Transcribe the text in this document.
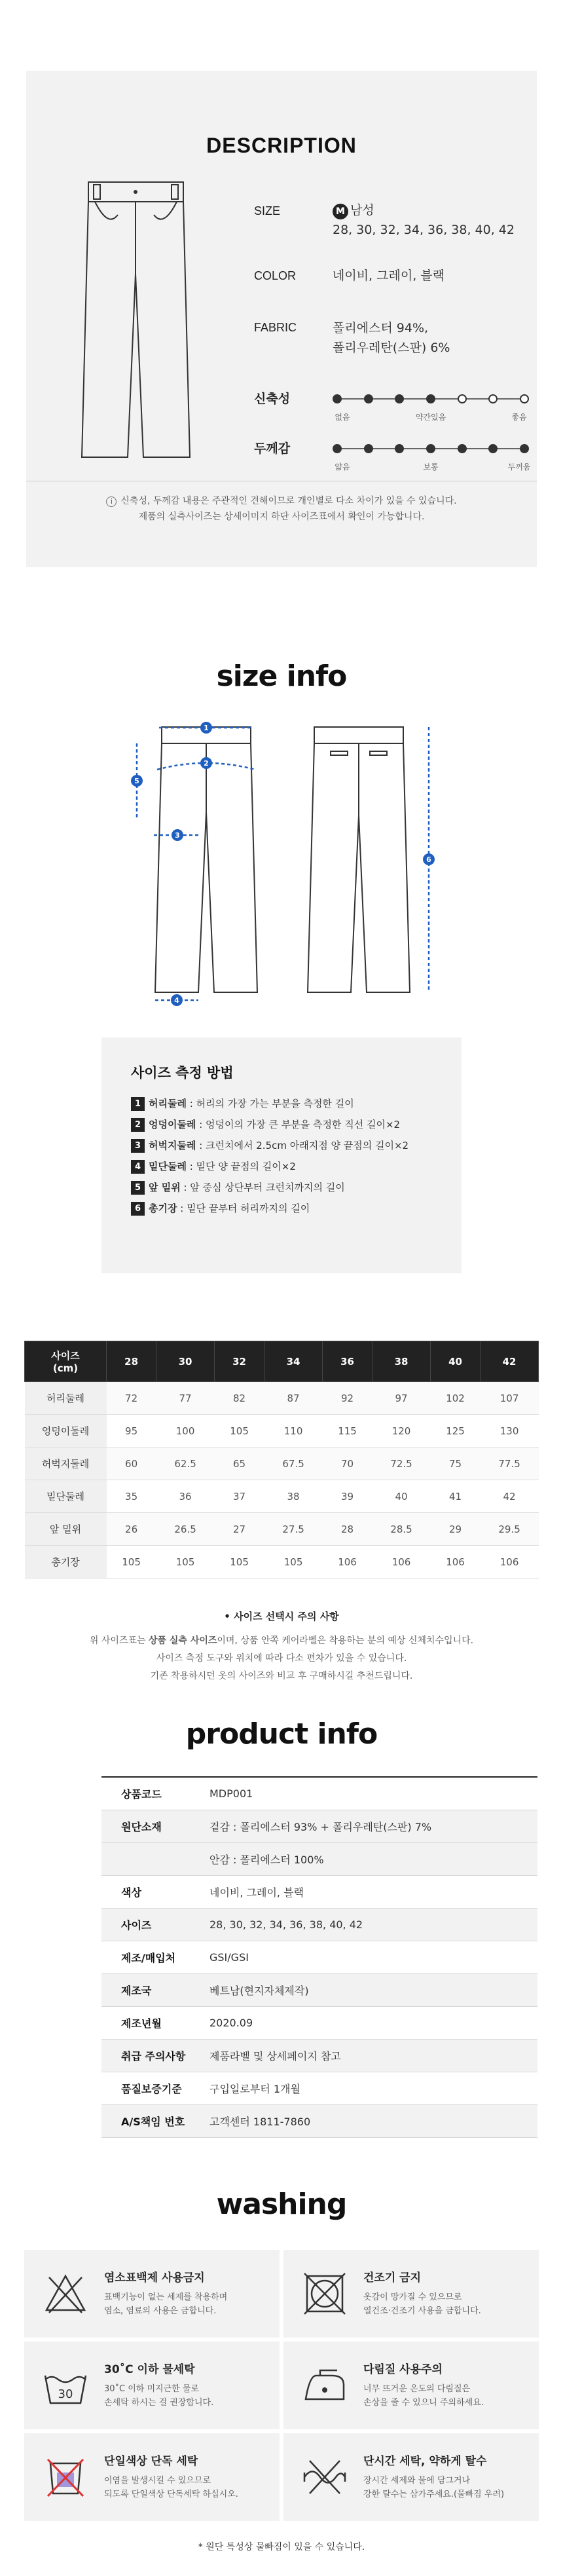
DESCRIPTION
SIZE	M 남성
28, 30, 32, 34, 36, 38, 40, 42
COLOR	네이비, 그레이, 블랙
FABRIC	폴리에스터 94%,
폴리우레탄(스판) 6%
신축성
없음	약간있음	좋음
두께감
얇음	보통	두꺼움
i 신축성, 두께감 내용은 주관적인 견해이므로 개인별로 다소 차이가 있을 수 있습니다.
제품의 실측사이즈는 상세이미지 하단 사이즈표에서 확인이 가능합니다.
size info
1
2
3
4
5
6
사이즈 측정 방법
1 허리둘레 : 허리의 가장 가는 부분을 측정한 길이
2 엉덩이둘레 : 엉덩이의 가장 큰 부분을 측정한 직선 길이×2
3 허벅지둘레 : 크런치에서 2.5cm 아래지점 양 끝점의 길이×2
4 밑단둘레 : 밑단 양 끝점의 길이×2
5 앞 밑위 : 앞 중심 상단부터 크런치까지의 길이
6 총기장 : 밑단 끝부터 허리까지의 길이
사이즈
(cm)	28	30	32	34	36	38	40	42
허리둘레	72	77	82	87	92	97	102	107
엉덩이둘레	95	100	105	110	115	120	125	130
허벅지둘레	60	62.5	65	67.5	70	72.5	75	77.5
밑단둘레	35	36	37	38	39	40	41	42
앞 밑위	26	26.5	27	27.5	28	28.5	29	29.5
총기장	105	105	105	105	106	106	106	106
• 사이즈 선택시 주의 사항
위 사이즈표는 상품 실측 사이즈이며, 상품 안쪽 케어라벨은 착용하는 분의 예상 신체치수입니다.
사이즈 측정 도구와 위치에 따라 다소 편차가 있을 수 있습니다.
기존 착용하시던 옷의 사이즈와 비교 후 구매하시길 추천드립니다.
product info
상품코드	MDP001
원단소재	겉감 : 폴리에스터 93% + 폴리우레탄(스판) 7%
	안감 : 폴리에스터 100%
색상	네이비, 그레이, 블랙
사이즈	28, 30, 32, 34, 36, 38, 40, 42
제조/매입처	GSI/GSI
제조국	베트남(현지자체제작)
제조년월	2020.09
취급 주의사항	제품라벨 및 상세페이지 참고
품질보증기준	구입일로부터 1개월
A/S책임 번호	고객센터 1811-7860
washing
염소표백제 사용금지
표백기능이 없는 세제를 착용하며
염소, 염료의 사용은 금합니다.
건조기 금지
옷감이 망가질 수 있으므로
열건조·건조기 사용을 금합니다.
30
30˚C 이하 물세탁
30˚C 이하 미지근한 물로
손세탁 하시는 걸 권장합니다.
다림질 사용주의
너무 뜨거운 온도의 다림질은
손상을 줄 수 있으니 주의하세요.
단일색상 단독 세탁
이염을 발생시킬 수 있으므로
되도록 단일색상 단독세탁 하십시오.
단시간 세탁, 약하게 탈수
장시간 세제와 물에 담그거나
강한 탈수는 삼가주세요.(물빠짐 우려)
* 원단 특성상 물빠짐이 있을 수 있습니다.
